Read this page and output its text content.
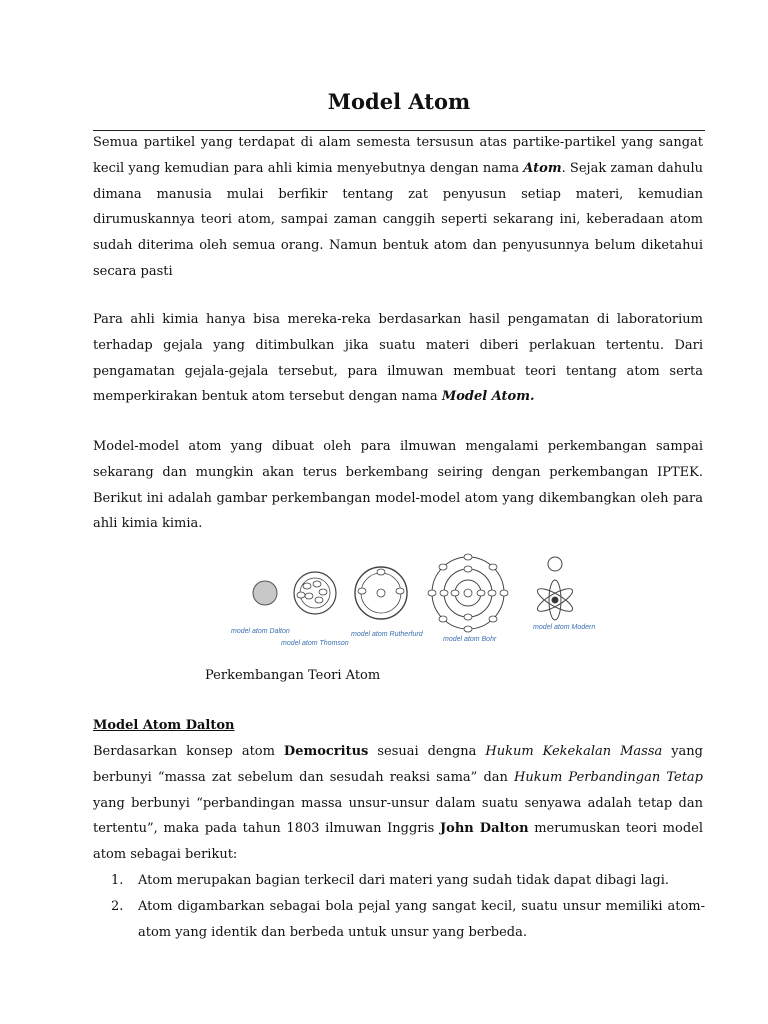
Model Atom
Semua partikel yang terdapat di alam semesta tersusun atas partike-partikel yang sangat kecil yang kemudian para ahli kimia menyebutnya dengan nama Atom. Sejak zaman dahulu dimana manusia mulai berfikir tentang zat penyusun setiap materi, kemudian dirumuskannya teori atom, sampai zaman canggih seperti sekarang ini, keberadaan atom sudah diterima oleh semua orang. Namun bentuk atom dan penyusunnya belum diketahui secara pasti
Para ahli kimia hanya bisa mereka-reka berdasarkan hasil pengamatan di laboratorium terhadap gejala yang ditimbulkan jika suatu materi diberi perlakuan tertentu. Dari pengamatan gejala-gejala tersebut, para ilmuwan membuat teori tentang atom serta memperkirakan bentuk atom tersebut dengan nama Model Atom.
Model-model atom yang dibuat oleh para ilmuwan mengalami perkembangan sampai sekarang dan mungkin akan terus berkembang seiring dengan perkembangan IPTEK. Berikut ini adalah gambar perkembangan model-model atom yang dikembangkan oleh para ahli kimia kimia.
model atom Dalton
model atom Thomson
model atom Rutherfurd
model atom Bohr
model atom Modern
Perkembangan Teori Atom
Model Atom Dalton
Berdasarkan konsep atom Democritus sesuai dengna Hukum Kekekalan Massa yang berbunyi “massa zat sebelum dan sesudah reaksi sama” dan Hukum Perbandingan Tetap yang berbunyi “perbandingan massa unsur-unsur dalam suatu senyawa adalah tetap dan tertentu”, maka pada tahun 1803 ilmuwan Inggris John Dalton merumuskan teori model atom sebagai berikut:
1. Atom merupakan bagian terkecil dari materi yang sudah tidak dapat dibagi lagi.
2. Atom digambarkan sebagai bola pejal yang sangat kecil, suatu unsur memiliki atom-atom yang identik dan berbeda untuk unsur yang berbeda.
